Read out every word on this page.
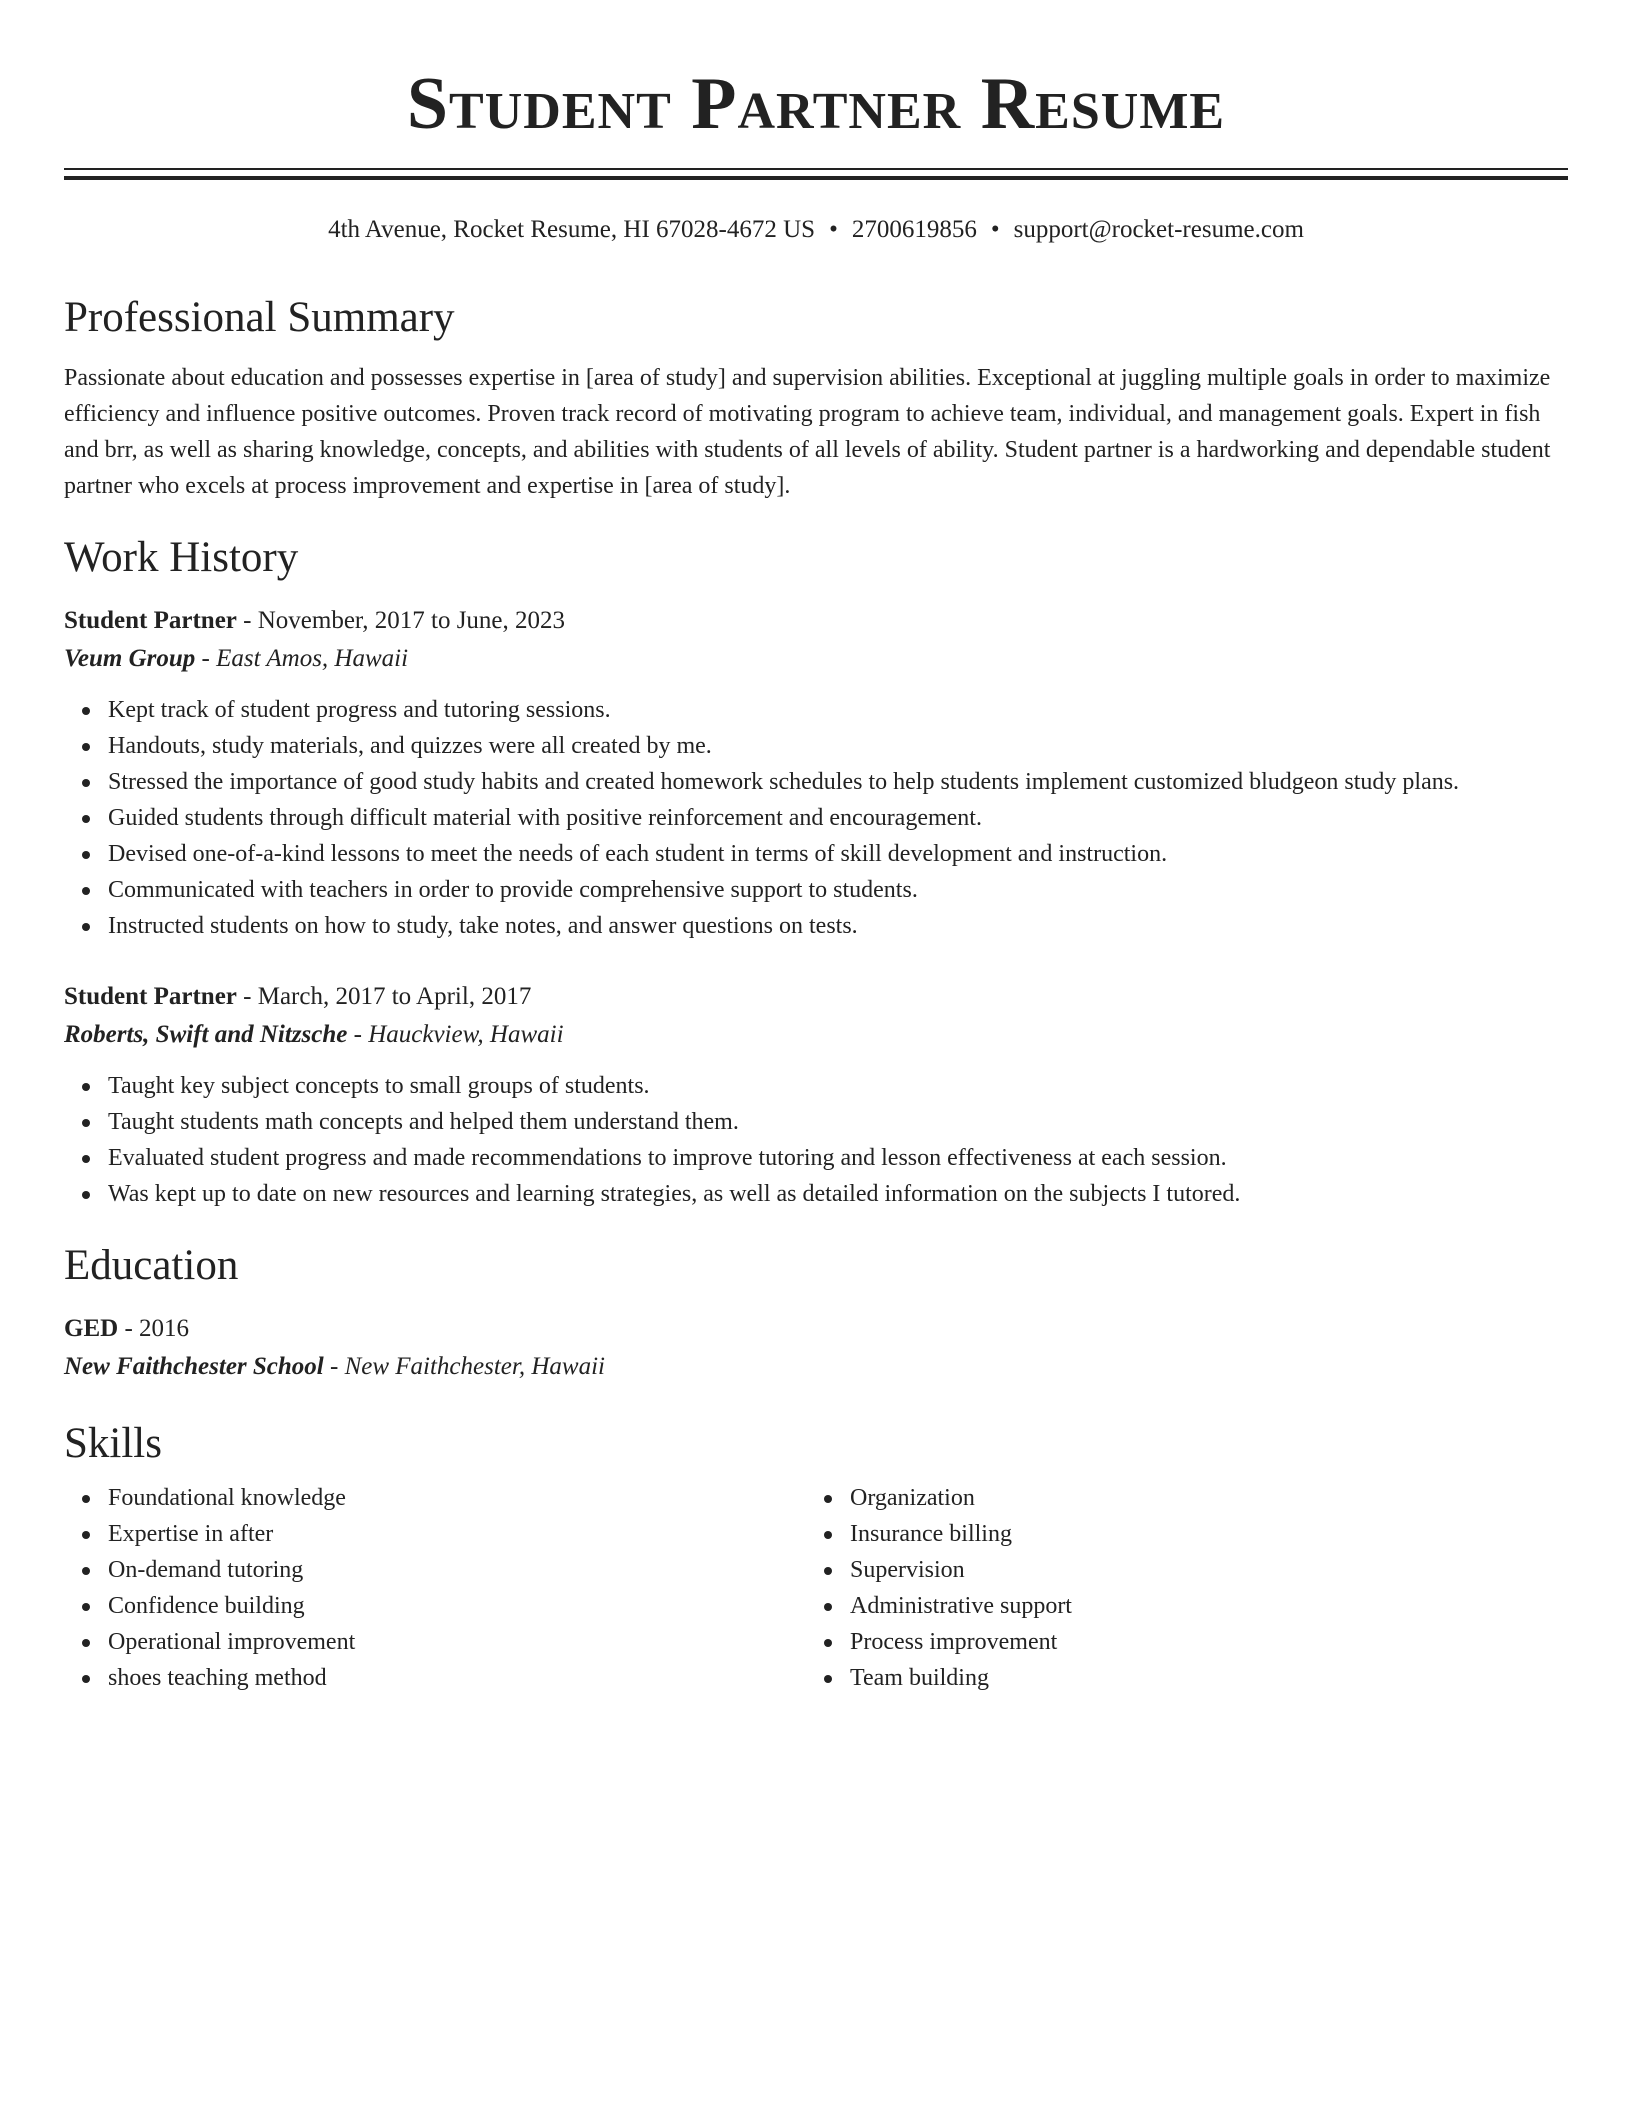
Student Partner Resume
4th Avenue, Rocket Resume, HI 67028-4672 US • 2700619856 • support@rocket-resume.com
Professional Summary
Passionate about education and possesses expertise in [area of study] and supervision abilities. Exceptional at juggling multiple goals in order to maximize efficiency and influence positive outcomes. Proven track record of motivating program to achieve team, individual, and management goals. Expert in fish and brr, as well as sharing knowledge, concepts, and abilities with students of all levels of ability. Student partner is a hardworking and dependable student partner who excels at process improvement and expertise in [area of study].
Work History
Student Partner - November, 2017 to June, 2023
Veum Group - East Amos, Hawaii
Kept track of student progress and tutoring sessions.
Handouts, study materials, and quizzes were all created by me.
Stressed the importance of good study habits and created homework schedules to help students implement customized bludgeon study plans.
Guided students through difficult material with positive reinforcement and encouragement.
Devised one-of-a-kind lessons to meet the needs of each student in terms of skill development and instruction.
Communicated with teachers in order to provide comprehensive support to students.
Instructed students on how to study, take notes, and answer questions on tests.
Student Partner - March, 2017 to April, 2017
Roberts, Swift and Nitzsche - Hauckview, Hawaii
Taught key subject concepts to small groups of students.
Taught students math concepts and helped them understand them.
Evaluated student progress and made recommendations to improve tutoring and lesson effectiveness at each session.
Was kept up to date on new resources and learning strategies, as well as detailed information on the subjects I tutored.
Education
GED - 2016
New Faithchester School - New Faithchester, Hawaii
Skills
Foundational knowledge
Expertise in after
On-demand tutoring
Confidence building
Operational improvement
shoes teaching method
Organization
Insurance billing
Supervision
Administrative support
Process improvement
Team building
